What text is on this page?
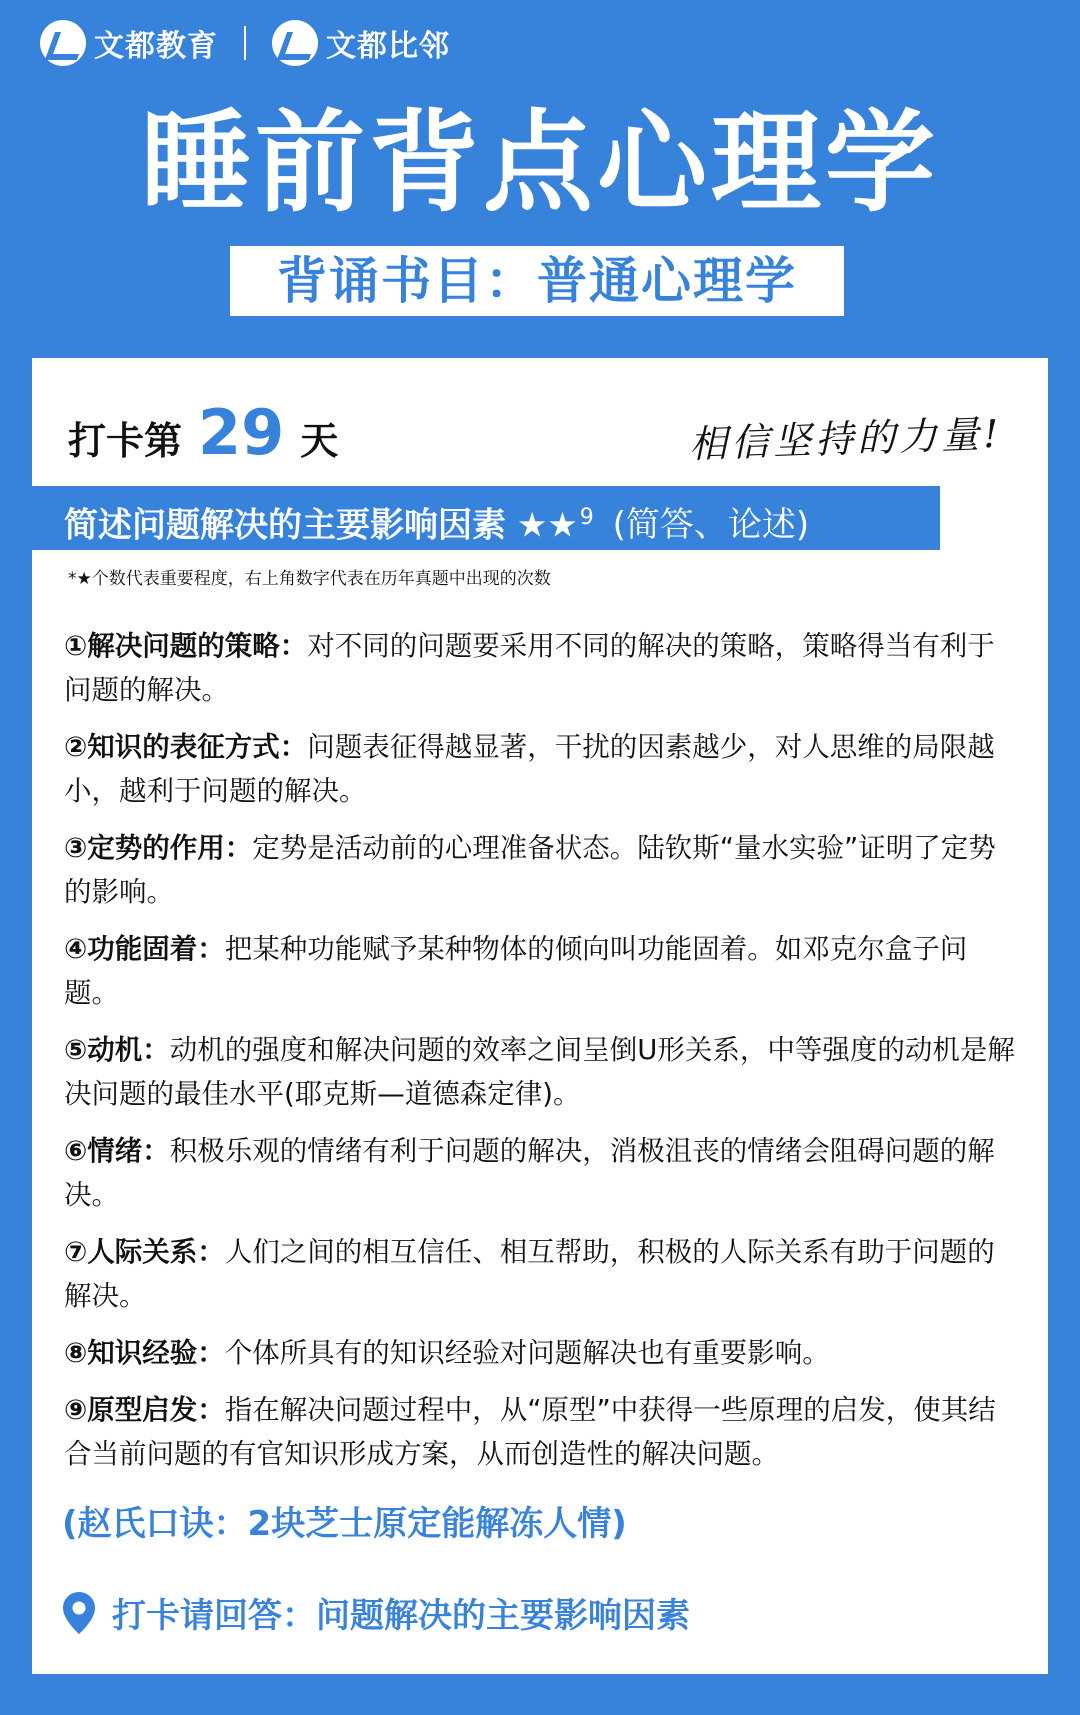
文都教育	文都比邻
睡前背点心理学
背诵书目：普通心理学
打卡第 29 天	相信坚持的力量!
简述问题解决的主要影响因素 ★★$^9$ (简答、论述)
*★个数代表重要程度，右上角数字代表在历年真题中出现的次数
①解决问题的策略：对不同的问题要采用不同的解决的策略，策略得当有利于问题的解决。
②知识的表征方式：问题表征得越显著，干扰的因素越少，对人思维的局限越小，越利于问题的解决。
③定势的作用：定势是活动前的心理准备状态。陆钦斯“量水实验”证明了定势的影响。
④功能固着：把某种功能赋予某种物体的倾向叫功能固着。如邓克尔盒子问题。
⑤动机：动机的强度和解决问题的效率之间呈倒U形关系，中等强度的动机是解决问题的最佳水平(耶克斯—道德森定律)。
⑥情绪：积极乐观的情绪有利于问题的解决，消极沮丧的情绪会阻碍问题的解决。
⑦人际关系：人们之间的相互信任、相互帮助，积极的人际关系有助于问题的解决。
⑧知识经验：个体所具有的知识经验对问题解决也有重要影响。
⑨原型启发：指在解决问题过程中，从“原型”中获得一些原理的启发，使其结合当前问题的有官知识形成方案，从而创造性的解决问题。
(赵氏口诀：2块芝士原定能解冻人情)
打卡请回答：问题解决的主要影响因素
